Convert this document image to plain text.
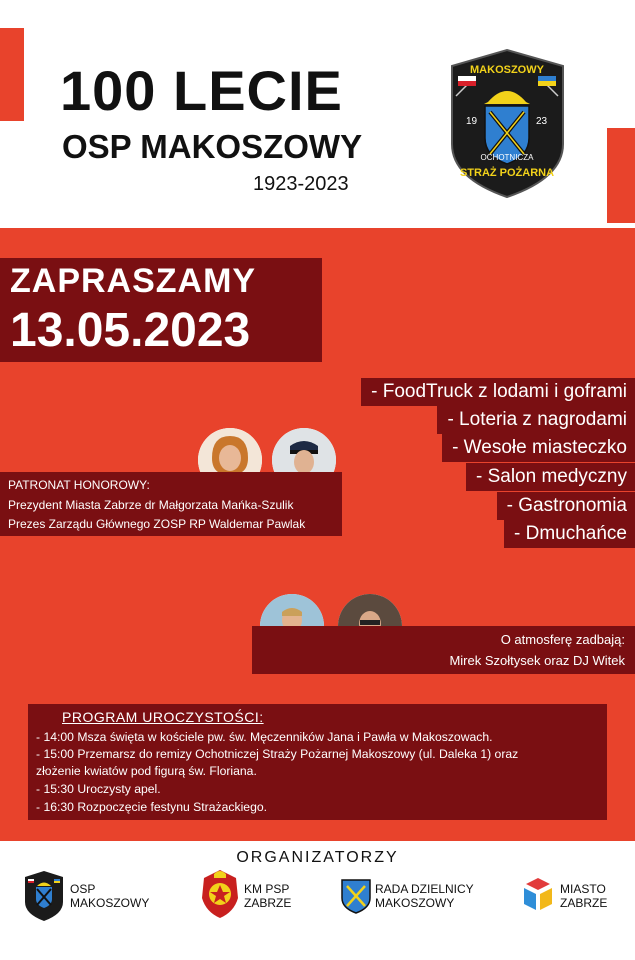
100 LECIE
OSP MAKOSZOWY
1923-2023
MAKOSZOWY
19	23
OCHOTNICZA
STRAŻ POŻARNA
ZAPRASZAMY
13.05.2023
- FoodTruck z lodami i goframi
- Loteria z nagrodami
- Wesołe miasteczko
- Salon medyczny
- Gastronomia
- Dmuchańce
PATRONAT HONOROWY:
Prezydent Miasta Zabrze dr Małgorzata Mańka-Szulik
Prezes Zarządu Głównego ZOSP RP Waldemar Pawlak
O atmosferę zadbają:
Mirek Szołtysek oraz DJ Witek
PROGRAM UROCZYSTOŚCI:
- 14:00 Msza święta w kościele pw. św. Męczenników Jana i Pawła w Makoszowach.
- 15:00 Przemarsz do remizy Ochotniczej Straży Pożarnej Makoszowy (ul. Daleka 1) oraz
złożenie kwiatów pod figurą św. Floriana.
- 15:30 Uroczysty apel.
- 16:30 Rozpoczęcie festynu Strażackiego.
ORGANIZATORZY
OSP
MAKOSZOWY
KM PSP
ZABRZE
RADA DZIELNICY
MAKOSZOWY
MIASTO
ZABRZE
